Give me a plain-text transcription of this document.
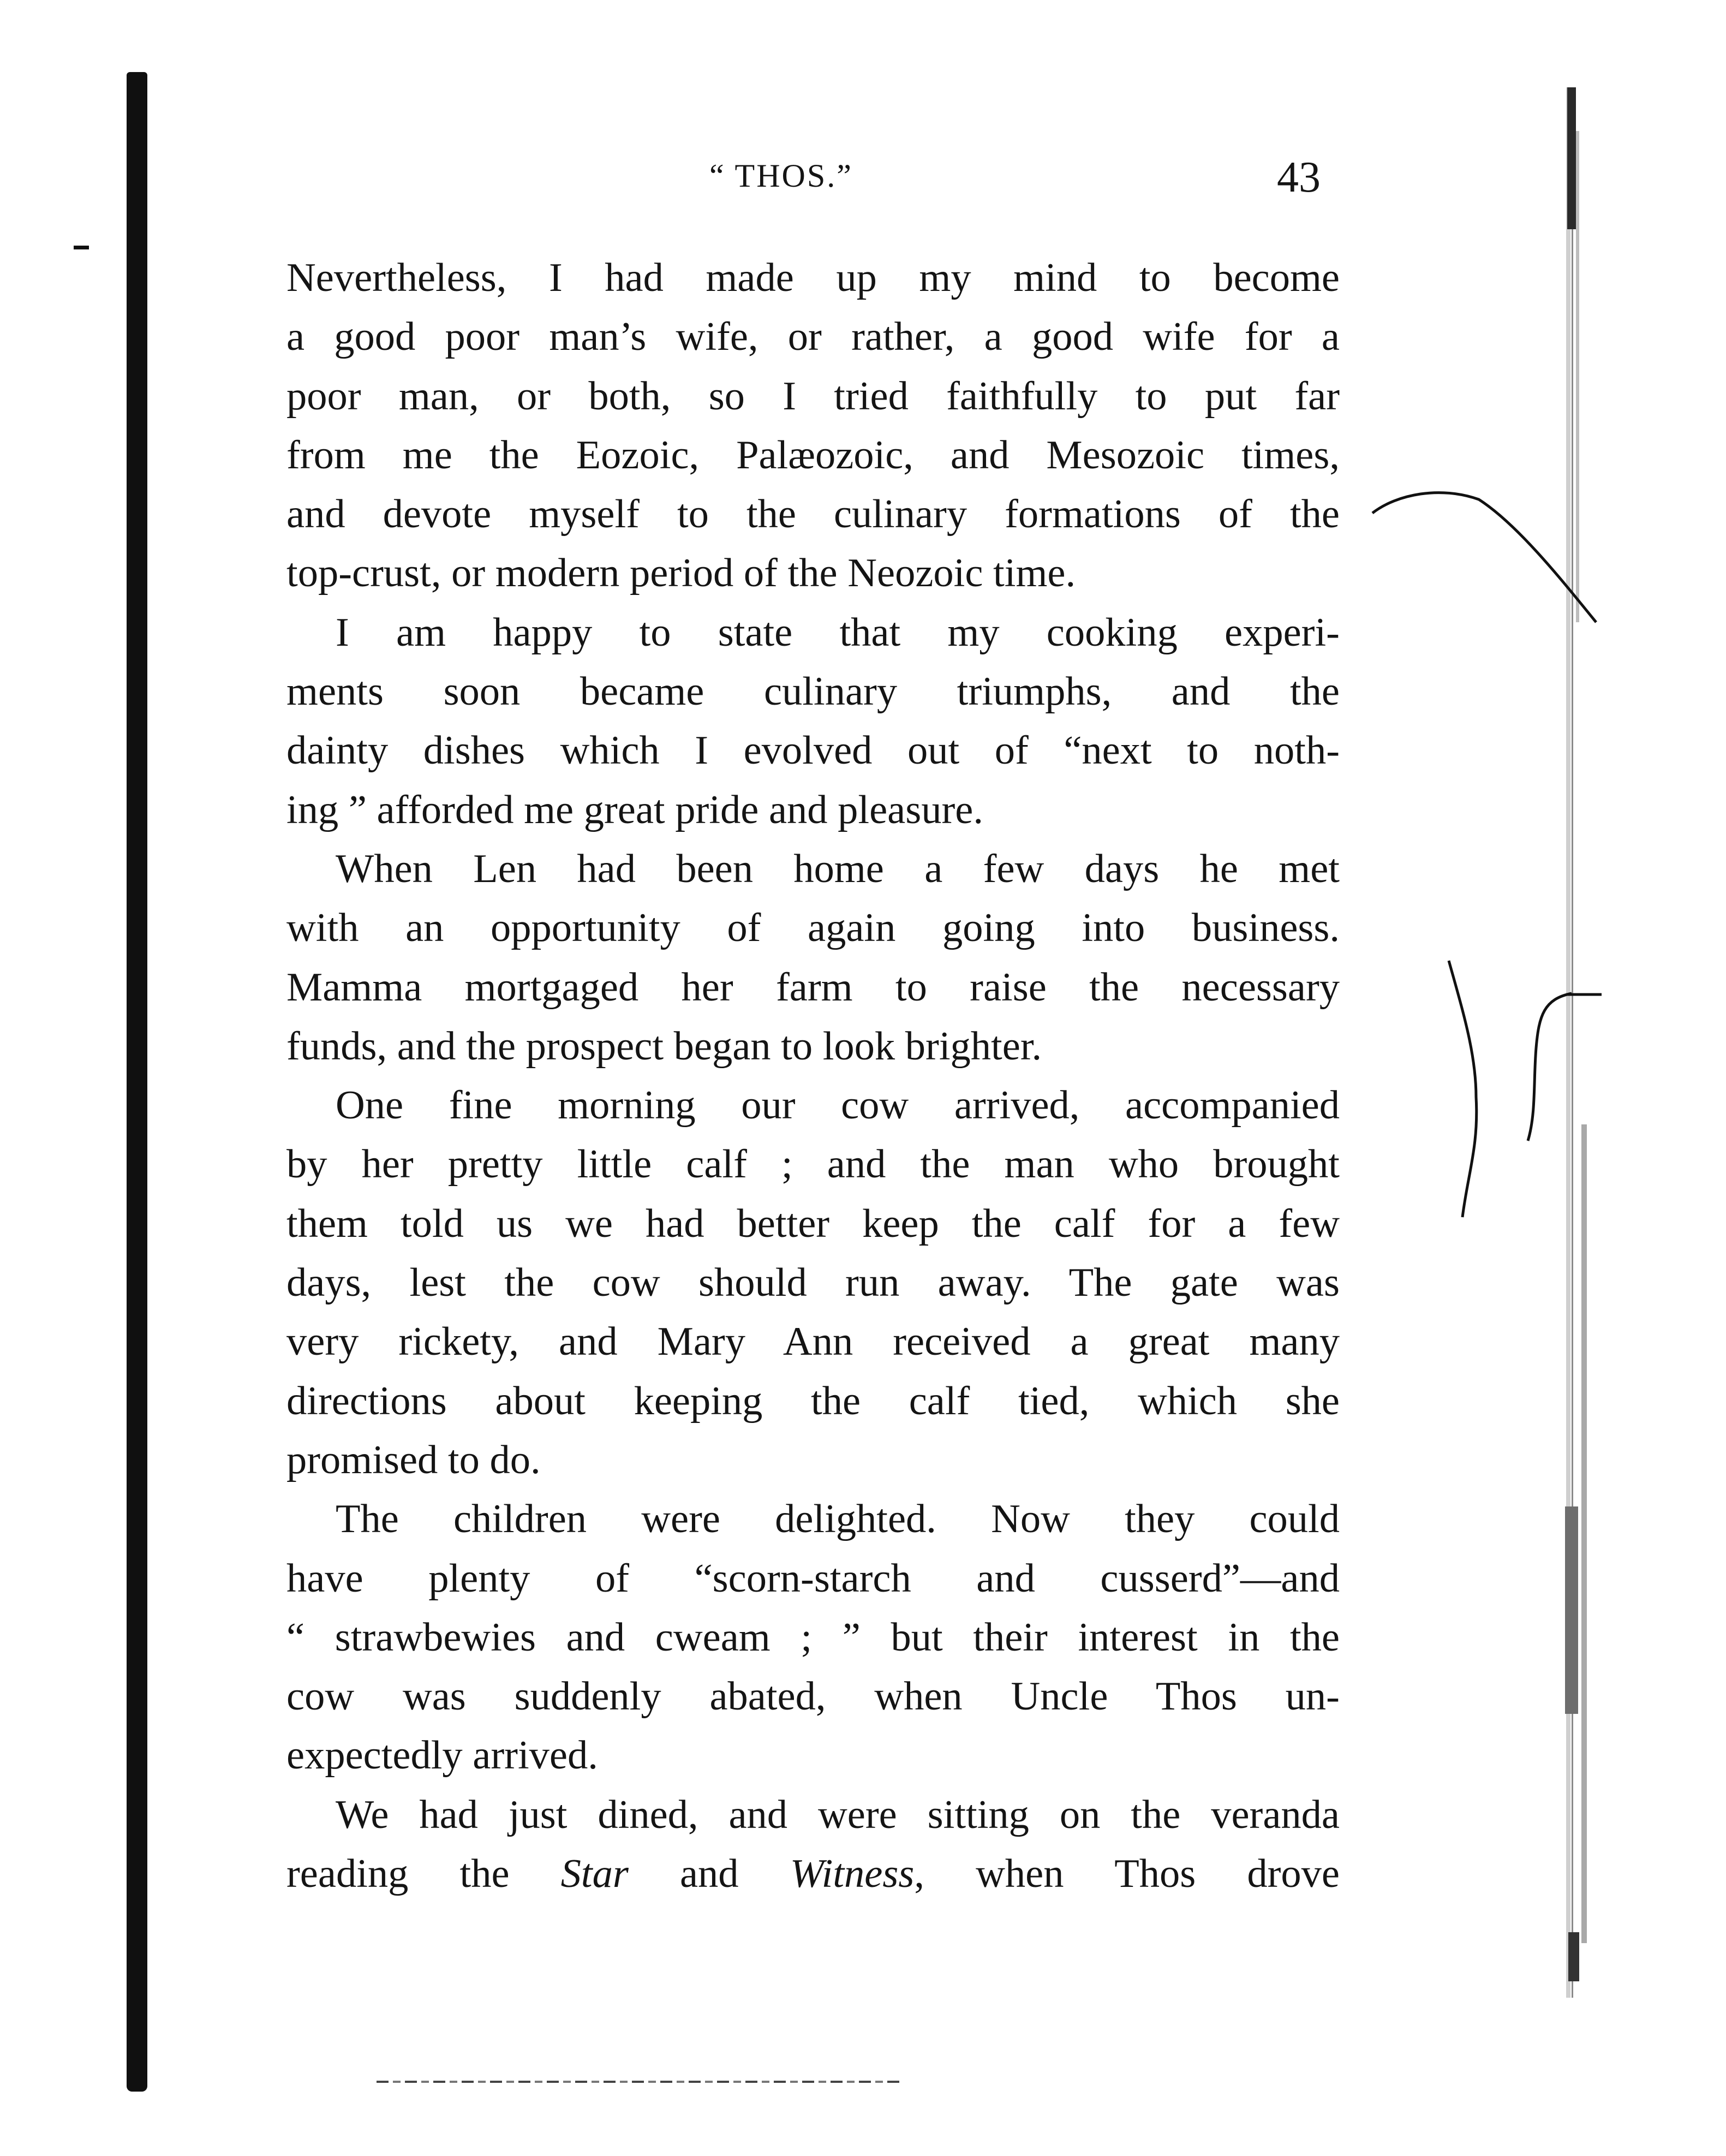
“ THOS.”	43

Nevertheless, I had made up my mind to become
a good poor man’s wife, or rather, a good wife for a
poor man, or both, so I tried faithfully to put far
from me the Eozoic, Palæozoic, and Mesozoic times,
and devote myself to the culinary formations of the
top-crust, or modern period of the Neozoic time.

I am happy to state that my cooking experi-
ments soon became culinary triumphs, and the
dainty dishes which I evolved out of “next to noth-
ing ” afforded me great pride and pleasure.

When Len had been home a few days he met
with an opportunity of again going into business.
Mamma mortgaged her farm to raise the necessary
funds, and the prospect began to look brighter.

One fine morning our cow arrived, accompanied
by her pretty little calf ; and the man who brought
them told us we had better keep the calf for a few
days, lest the cow should run away. The gate was
very rickety, and Mary Ann received a great many
directions about keeping the calf tied, which she
promised to do.

The children were delighted. Now they could
have plenty of “scorn-starch and cusserd”—and
“ strawbewies and cweam ; ” but their interest in the
cow was suddenly abated, when Uncle Thos un-
expectedly arrived.

We had just dined, and were sitting on the veranda
reading the Star and Witness, when Thos drove
